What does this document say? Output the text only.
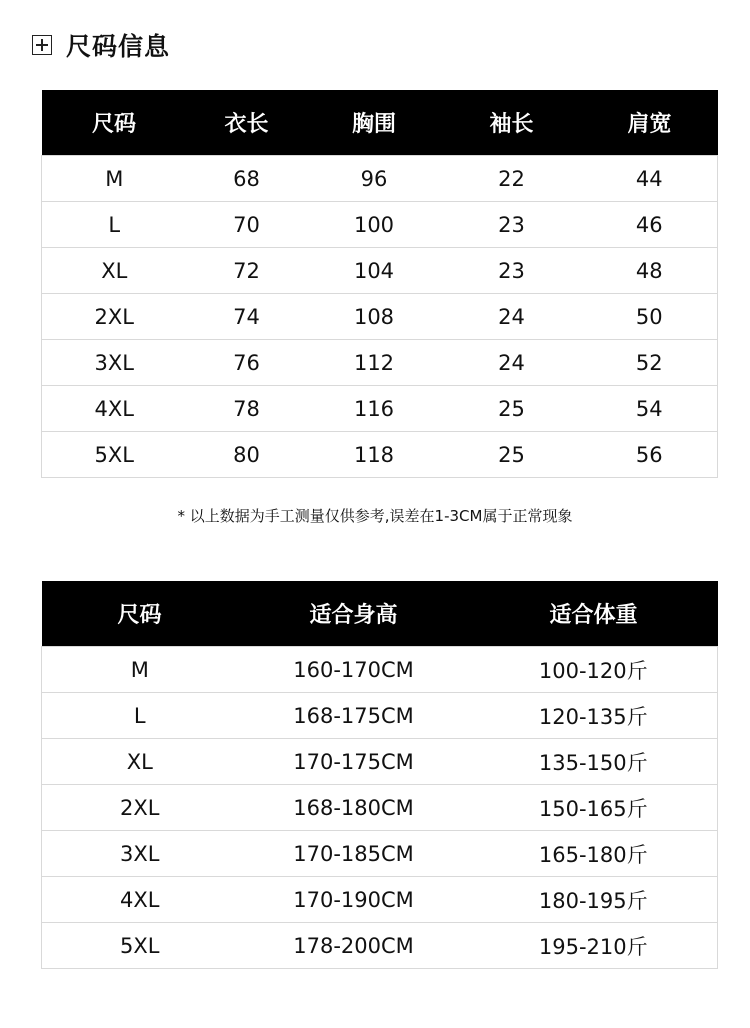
尺码信息
尺码	衣长	胸围	袖长	肩宽
M	68	96	22	44
L	70	100	23	46
XL	72	104	23	48
2XL	74	108	24	50
3XL	76	112	24	52
4XL	78	116	25	54
5XL	80	118	25	56
* 以上数据为手工测量仅供参考,误差在1-3CM属于正常现象
尺码	适合身高	适合体重
M	160-170CM	100-120斤
L	168-175CM	120-135斤
XL	170-175CM	135-150斤
2XL	168-180CM	150-165斤
3XL	170-185CM	165-180斤
4XL	170-190CM	180-195斤
5XL	178-200CM	195-210斤
